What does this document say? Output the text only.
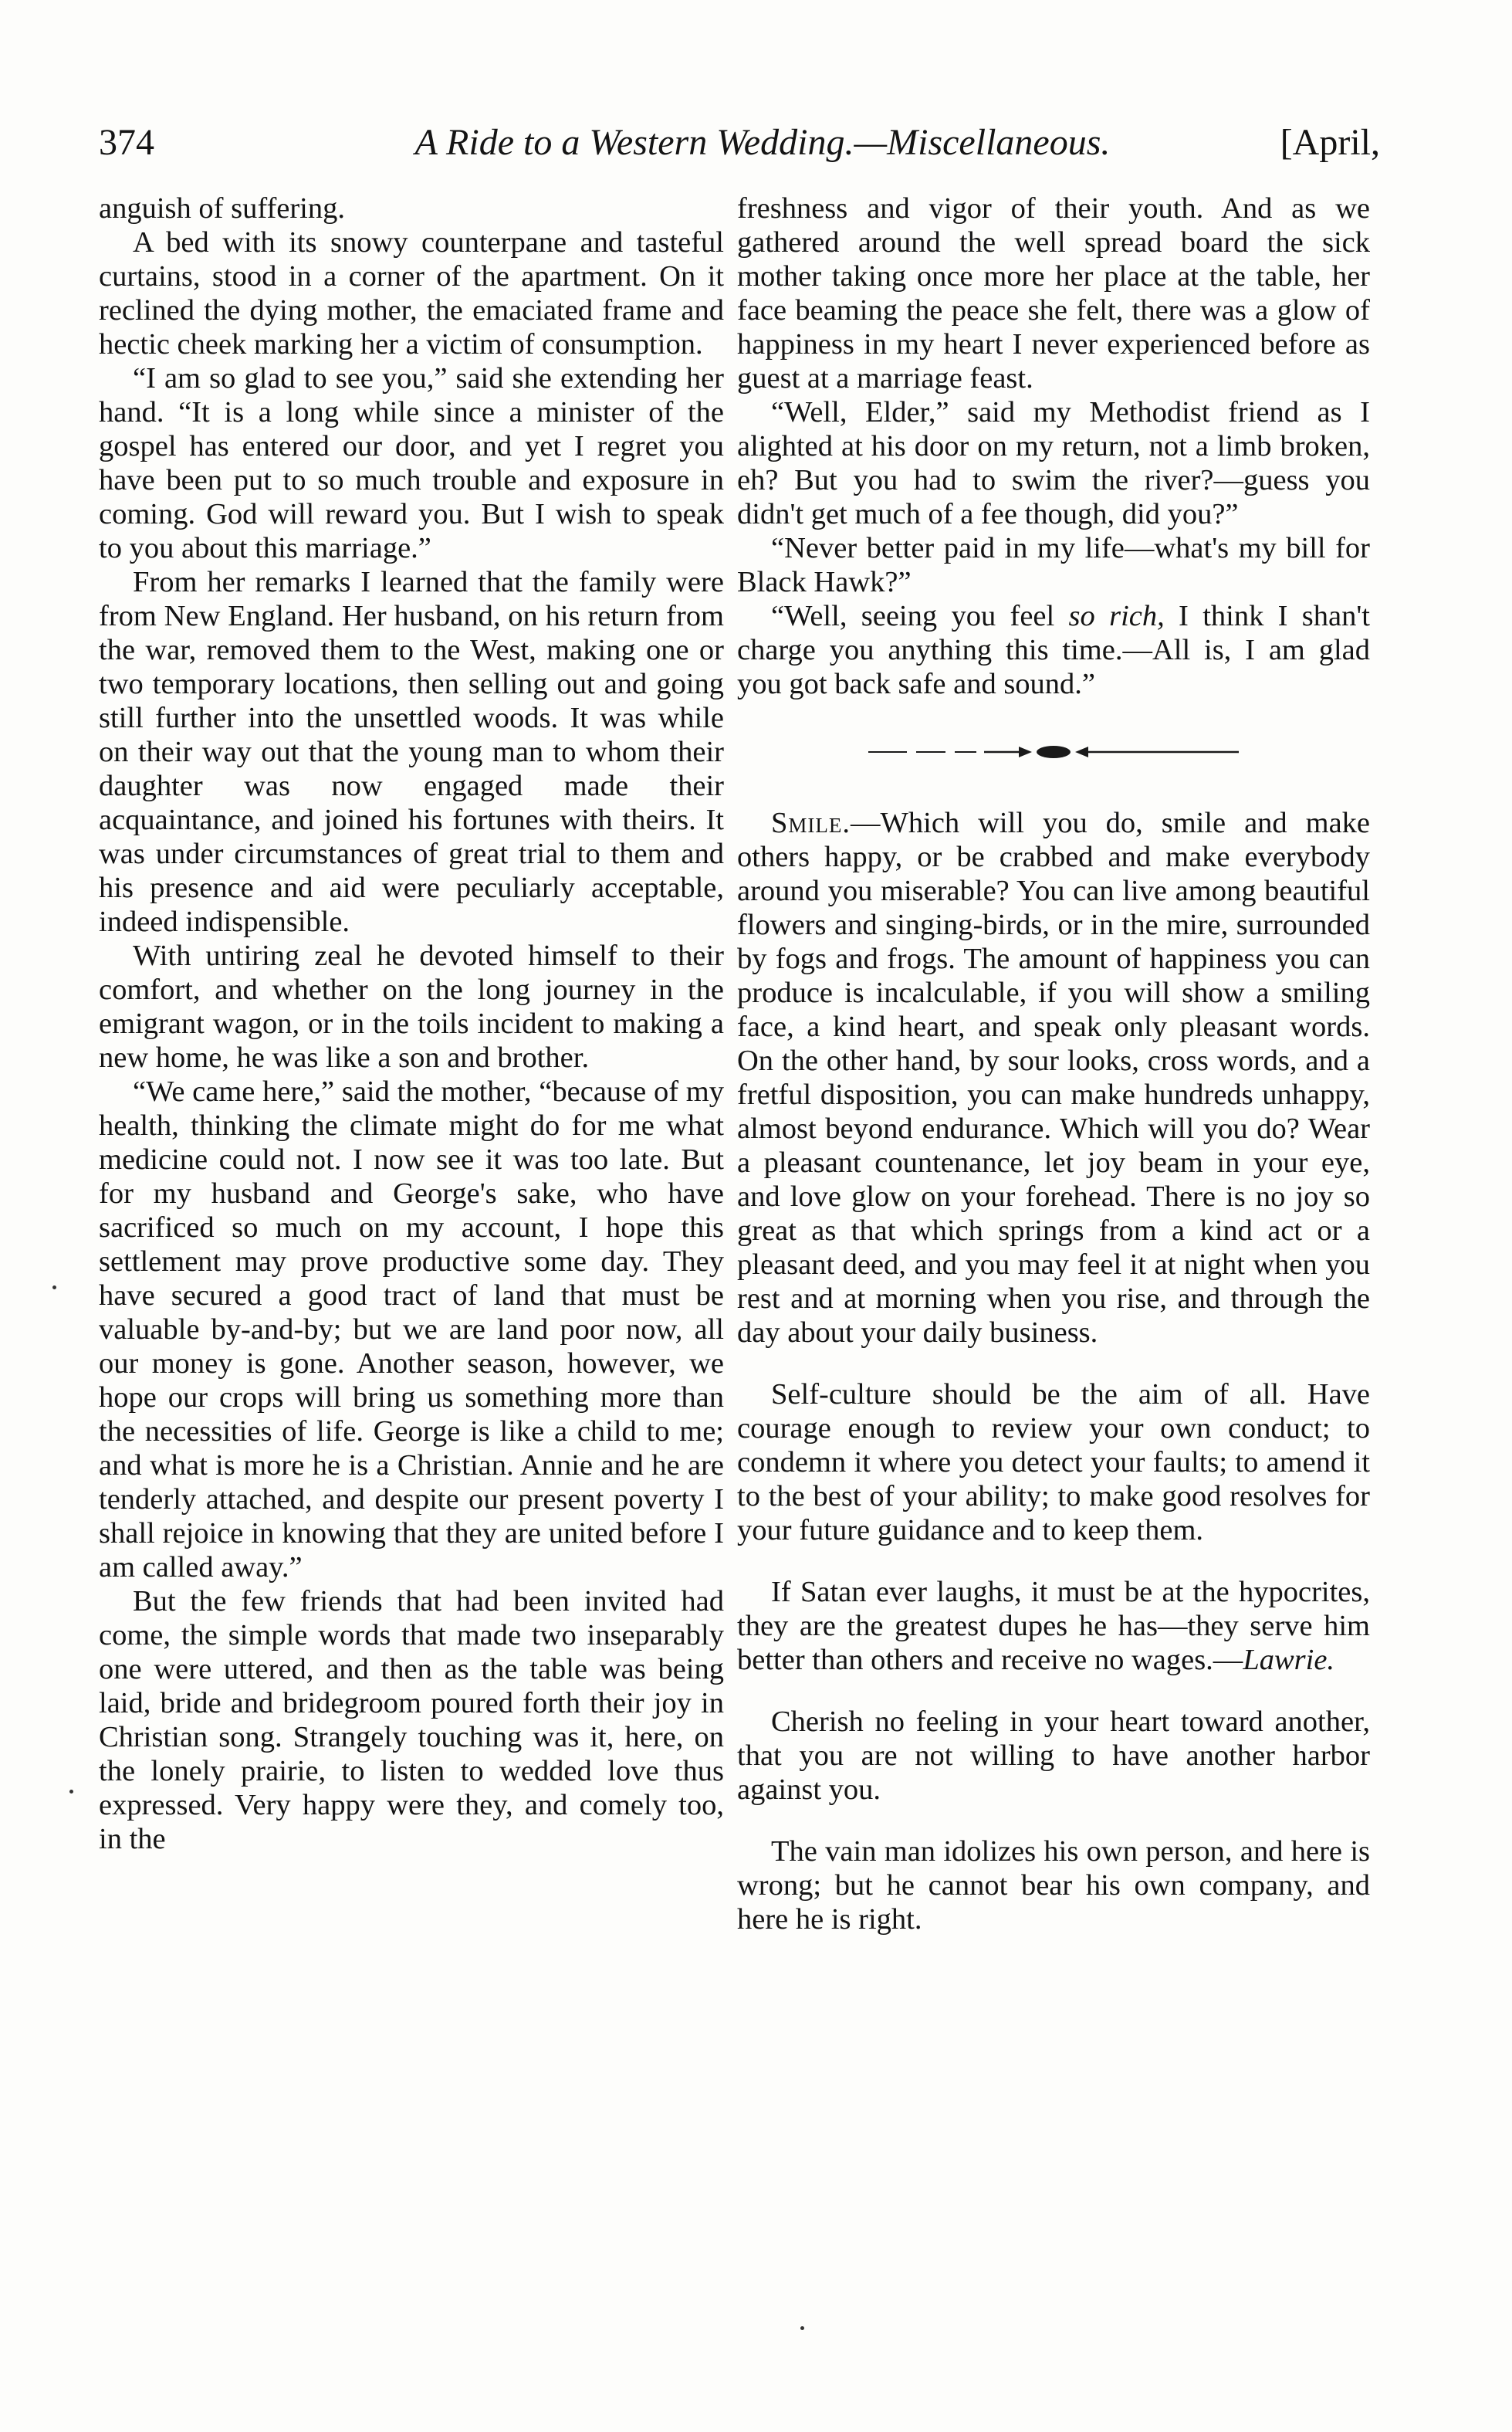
374	A Ride to a Western Wedding.—Miscellaneous.	[April,

anguish of suffering.

A bed with its snowy counterpane and tasteful curtains, stood in a corner of the apartment. On it reclined the dying mother, the emaciated frame and hectic cheek marking her a victim of consumption.

“I am so glad to see you,” said she extending her hand. “It is a long while since a minister of the gospel has entered our door, and yet I regret you have been put to so much trouble and exposure in coming. God will reward you. But I wish to speak to you about this marriage.”

From her remarks I learned that the family were from New England. Her husband, on his return from the war, removed them to the West, making one or two temporary locations, then selling out and going still further into the unsettled woods. It was while on their way out that the young man to whom their daughter was now engaged made their acquaintance, and joined his fortunes with theirs. It was under circumstances of great trial to them and his presence and aid were peculiarly acceptable, indeed indispensible.

With untiring zeal he devoted himself to their comfort, and whether on the long journey in the emigrant wagon, or in the toils incident to making a new home, he was like a son and brother.

“We came here,” said the mother, “because of my health, thinking the climate might do for me what medicine could not. I now see it was too late. But for my husband and George's sake, who have sacrificed so much on my account, I hope this settlement may prove productive some day. They have secured a good tract of land that must be valuable by-and-by; but we are land poor now, all our money is gone. Another season, however, we hope our crops will bring us something more than the necessities of life. George is like a child to me; and what is more he is a Christian. Annie and he are tenderly attached, and despite our present poverty I shall rejoice in knowing that they are united before I am called away.”

But the few friends that had been invited had come, the simple words that made two inseparably one were uttered, and then as the table was being laid, bride and bridegroom poured forth their joy in Christian song. Strangely touching was it, here, on the lonely prairie, to listen to wedded love thus expressed. Very happy were they, and comely too, in the

freshness and vigor of their youth. And as we gathered around the well spread board the sick mother taking once more her place at the table, her face beaming the peace she felt, there was a glow of happiness in my heart I never experienced before as guest at a marriage feast.

“Well, Elder,” said my Methodist friend as I alighted at his door on my return, not a limb broken, eh? But you had to swim the river?—guess you didn't get much of a fee though, did you?”

“Never better paid in my life—what's my bill for Black Hawk?”

“Well, seeing you feel so rich, I think I shan't charge you anything this time.—All is, I am glad you got back safe and sound.”

Smile.—Which will you do, smile and make others happy, or be crabbed and make everybody around you miserable? You can live among beautiful flowers and singing-birds, or in the mire, surrounded by fogs and frogs. The amount of happiness you can produce is incalculable, if you will show a smiling face, a kind heart, and speak only pleasant words. On the other hand, by sour looks, cross words, and a fretful disposition, you can make hundreds unhappy, almost beyond endurance. Which will you do? Wear a pleasant countenance, let joy beam in your eye, and love glow on your forehead. There is no joy so great as that which springs from a kind act or a pleasant deed, and you may feel it at night when you rest and at morning when you rise, and through the day about your daily business.

Self-culture should be the aim of all. Have courage enough to review your own conduct; to condemn it where you detect your faults; to amend it to the best of your ability; to make good resolves for your future guidance and to keep them.

If Satan ever laughs, it must be at the hypocrites, they are the greatest dupes he has—they serve him better than others and receive no wages.—Lawrie.

Cherish no feeling in your heart toward another, that you are not willing to have another harbor against you.

The vain man idolizes his own person, and here is wrong; but he cannot bear his own company, and here he is right.
